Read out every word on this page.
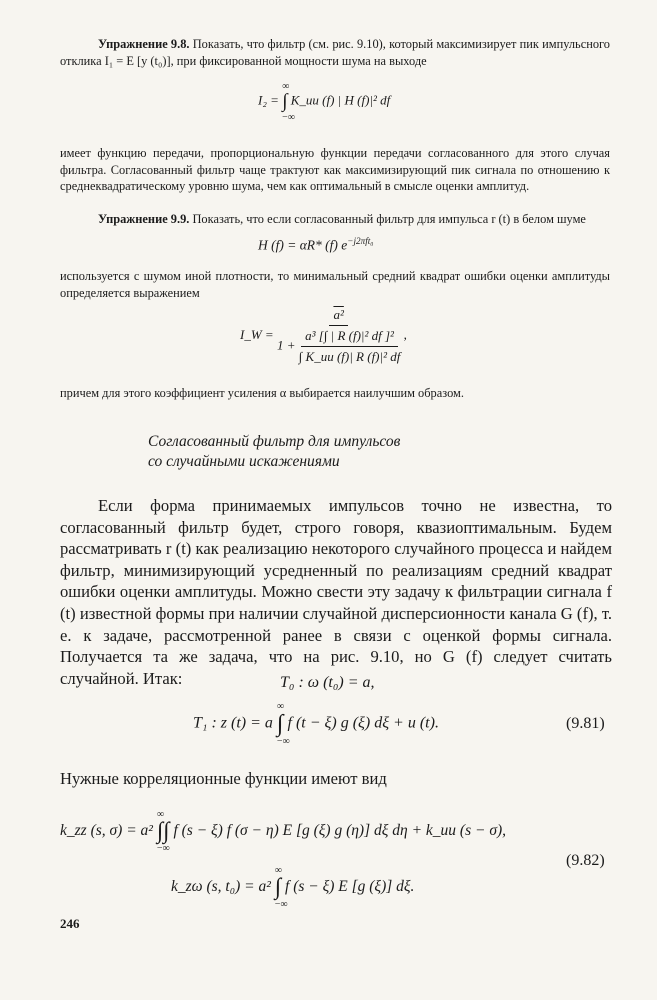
Упражнение 9.8. Показать, что фильтр (см. рис. 9.10), который максимизирует пик импульсного отклика I₁ = E [y (t₀)], при фиксированной мощности шума на выходе
I₂ =
∞
∫
−∞
K_uu (f) | H (f)|² df
имеет функцию передачи, пропорциональную функции передачи согласованного для этого случая фильтра. Согласованный фильтр чаще трактуют как максимизирующий пик сигнала по отношению к среднеквадратическому уровню шума, чем как оптимальный в смысле оценки амплитуд.
Упражнение 9.9. Показать, что если согласованный фильтр для импульса r (t) в белом шуме
H (f) = αR* (f) $e^{-j2\pi ft_0}$
используется с шумом иной плотности, то минимальный средний квадрат ошибки оценки амплитуды определяется выражением
I_W =
a²
$1 + \frac{\text{a³ [∫ | R (f)|² df ]²}}{\text{∫ K\_uu (f)| R (f)|² df}}$ ,
причем для этого коэффициент усиления α выбирается наилучшим образом.
Согласованный фильтр для импульсов
со случайными искажениями
Если форма принимаемых импульсов точно не известна, то согласованный фильтр будет, строго говоря, квазиоптимальным. Будем рассматривать r (t) как реализацию некоторого случайного процесса и найдем фильтр, минимизирующий усредненный по реализациям средний квадрат ошибки оценки амплитуды. Можно свести эту задачу к фильтрации сигнала f (t) известной формы при наличии случайной дисперсионности канала G (f), т. е. к задаче, рассмотренной ранее в связи с оценкой формы сигнала. Получается та же задача, что на рис. 9.10, но G (f) следует считать случайной. Итак:	T₀ : ω (t₀) = a,
T₁ : z (t) = a
∞
∫
−∞
f (t − ξ) g (ξ) dξ + u (t).	(9.81)
Нужные корреляционные функции имеют вид
k_zz (s, σ) = a²
∞
∫∫
−∞
f (s − ξ) f (σ − η) E [g (ξ) g (η)] dξ dη + k_uu (s − σ),
(9.82)
k_zω (s, t₀) = a²
∞
∫
−∞
f (s − ξ) E [g (ξ)] dξ.
246
